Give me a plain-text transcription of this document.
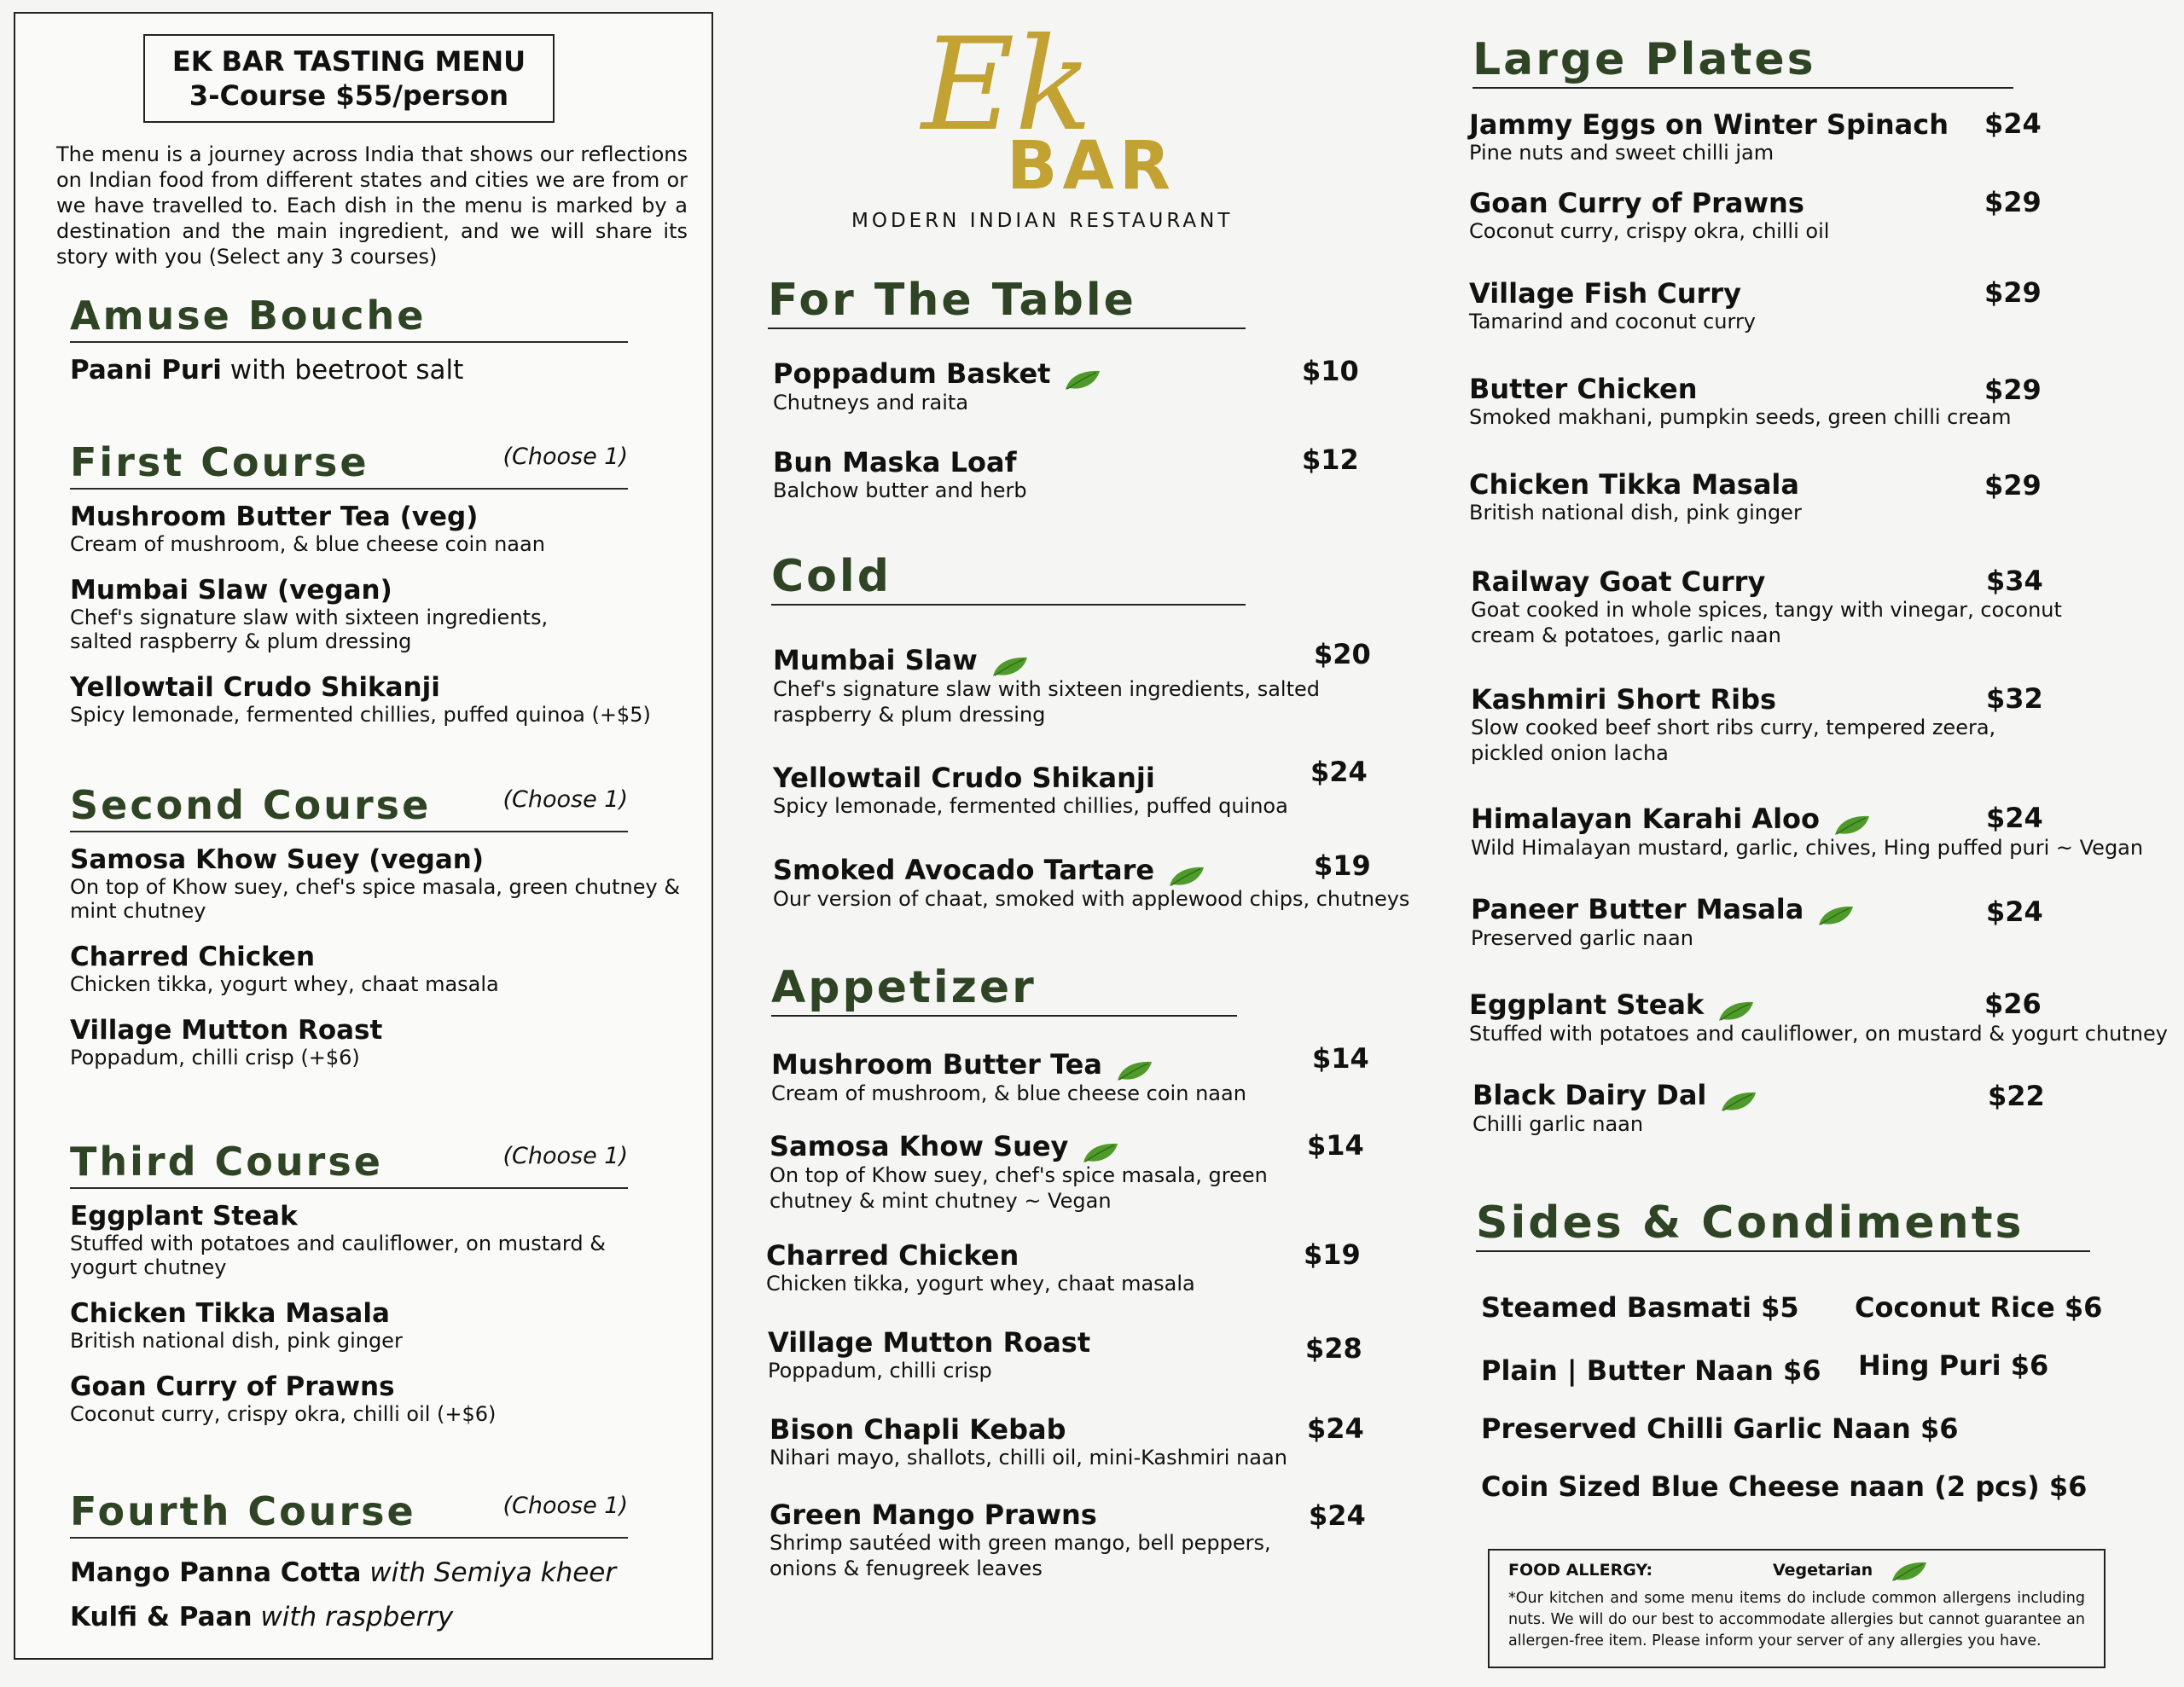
EK BAR TASTING MENU
3-Course $55/person
The menu is a journey across India that shows our reflections on Indian food from different states and cities we are from or we have travelled to. Each dish in the menu is marked by a destination and the main ingredient, and we will share its story with you (Select any 3 courses)
Amuse Bouche
Paani Puri with beetroot salt
First Course	(Choose 1)
Mushroom Butter Tea (veg)
Cream of mushroom, & blue cheese coin naan
Mumbai Slaw (vegan)
Chef's signature slaw with sixteen ingredients, salted raspberry & plum dressing
Yellowtail Crudo Shikanji
Spicy lemonade, fermented chillies, puffed quinoa (+$5)
Second Course	(Choose 1)
Samosa Khow Suey (vegan)
On top of Khow suey, chef's spice masala, green chutney & mint chutney
Charred Chicken
Chicken tikka, yogurt whey, chaat masala
Village Mutton Roast
Poppadum, chilli crisp (+$6)
Third Course	(Choose 1)
Eggplant Steak
Stuffed with potatoes and cauliflower, on mustard & yogurt chutney
Chicken Tikka Masala
British national dish, pink ginger
Goan Curry of Prawns
Coconut curry, crispy okra, chilli oil (+$6)
Fourth Course	(Choose 1)
Mango Panna Cotta with Semiya kheer
Kulfi & Paan with raspberry
Ek
BAR
MODERN INDIAN RESTAURANT
For The Table
Poppadum Basket
Chutneys and raita
$10
Bun Maska Loaf
Balchow butter and herb
$12
Cold
Mumbai Slaw
Chef's signature slaw with sixteen ingredients, salted raspberry & plum dressing
$20
Yellowtail Crudo Shikanji
Spicy lemonade, fermented chillies, puffed quinoa
$24
Smoked Avocado Tartare
Our version of chaat, smoked with applewood chips, chutneys
$19
Appetizer
Mushroom Butter Tea
Cream of mushroom, & blue cheese coin naan
$14
Samosa Khow Suey
On top of Khow suey, chef's spice masala, green chutney & mint chutney ~ Vegan
$14
Charred Chicken
Chicken tikka, yogurt whey, chaat masala
$19
Village Mutton Roast
Poppadum, chilli crisp
$28
Bison Chapli Kebab
Nihari mayo, shallots, chilli oil, mini-Kashmiri naan
$24
Green Mango Prawns
Shrimp sautéed with green mango, bell peppers, onions & fenugreek leaves
$24
Large Plates
Jammy Eggs on Winter Spinach
Pine nuts and sweet chilli jam
$24
Goan Curry of Prawns
Coconut curry, crispy okra, chilli oil
$29
Village Fish Curry
Tamarind and coconut curry
$29
Butter Chicken
Smoked makhani, pumpkin seeds, green chilli cream
$29
Chicken Tikka Masala
British national dish, pink ginger
$29
Railway Goat Curry
Goat cooked in whole spices, tangy with vinegar, coconut cream & potatoes, garlic naan
$34
Kashmiri Short Ribs
Slow cooked beef short ribs curry, tempered zeera, pickled onion lacha
$32
Himalayan Karahi Aloo
Wild Himalayan mustard, garlic, chives, Hing puffed puri ~ Vegan
$24
Paneer Butter Masala
Preserved garlic naan
$24
Eggplant Steak
Stuffed with potatoes and cauliflower, on mustard & yogurt chutney
$26
Black Dairy Dal
Chilli garlic naan
$22
Sides & Condiments
Steamed Basmati $5 Coconut Rice $6
Plain | Butter Naan $6 Hing Puri $6
Preserved Chilli Garlic Naan $6
Coin Sized Blue Cheese naan (2 pcs) $6
FOOD ALLERGY:	Vegetarian
*Our kitchen and some menu items do include common allergens including nuts. We will do our best to accommodate allergies but cannot guarantee an allergen-free item. Please inform your server of any allergies you have.
